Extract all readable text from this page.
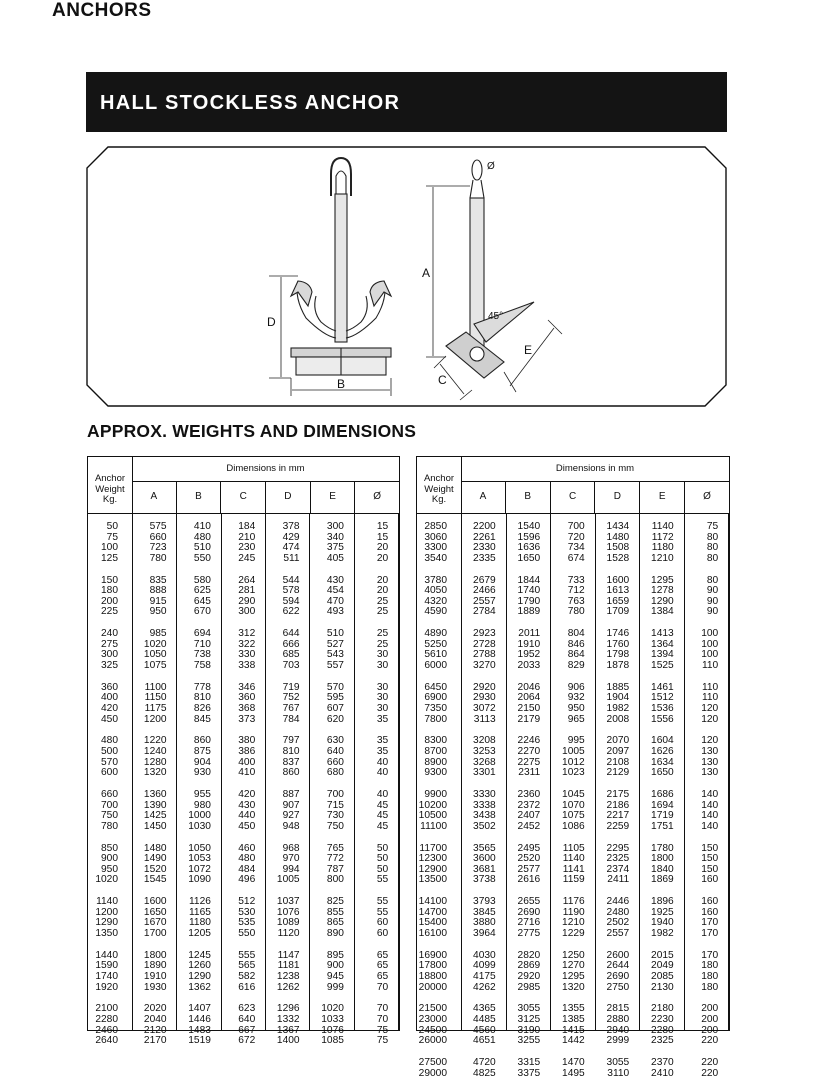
ANCHORS
HALL STOCKLESS ANCHOR
D
B
A
Ø
45°
E
C
APPROX. WEIGHTS AND DIMENSIONS
Anchor
Weight
Kg.
Dimensions in mm
A	B	C	D	E	Ø
50	575	410	184	378	300	15
75	660	480	210	429	340	15
100	723	510	230	474	375	20
125	780	550	245	511	405	20
150	835	580	264	544	430	20
180	888	625	281	578	454	20
200	915	645	290	594	470	25
225	950	670	300	622	493	25
240	985	694	312	644	510	25
275	1020	710	322	666	527	25
300	1050	738	330	685	543	30
325	1075	758	338	703	557	30
360	1100	778	346	719	570	30
400	1150	810	360	752	595	30
420	1175	826	368	767	607	30
450	1200	845	373	784	620	35
480	1220	860	380	797	630	35
500	1240	875	386	810	640	35
570	1280	904	400	837	660	40
600	1320	930	410	860	680	40
660	1360	955	420	887	700	40
700	1390	980	430	907	715	45
750	1425	1000	440	927	730	45
780	1450	1030	450	948	750	45
850	1480	1050	460	968	765	50
900	1490	1053	480	970	772	50
950	1520	1072	484	994	787	50
1020	1545	1090	496	1005	800	55
1140	1600	1126	512	1037	825	55
1200	1650	1165	530	1076	855	55
1290	1670	1180	535	1089	865	60
1350	1700	1205	550	1120	890	60
1440	1800	1245	555	1147	895	65
1590	1890	1260	565	1181	900	65
1740	1910	1290	582	1238	945	65
1920	1930	1362	616	1262	999	70
2100	2020	1407	623	1296	1020	70
2280	2040	1446	640	1332	1033	70
2460	2120	1483	667	1367	1076	75
2640	2170	1519	672	1400	1085	75
Anchor
Weight
Kg.
Dimensions in mm
A	B	C	D	E	Ø
2850	2200	1540	700	1434	1140	75
3060	2261	1596	720	1480	1172	80
3300	2330	1636	734	1508	1180	80
3540	2335	1650	674	1528	1210	80
3780	2679	1844	733	1600	1295	80
4050	2466	1740	712	1613	1278	90
4320	2557	1790	763	1659	1290	90
4590	2784	1889	780	1709	1384	90
4890	2923	2011	804	1746	1413	100
5250	2728	1910	846	1760	1364	100
5610	2788	1952	864	1798	1394	100
6000	3270	2033	829	1878	1525	110
6450	2920	2046	906	1885	1461	110
6900	2930	2064	932	1904	1512	110
7350	3072	2150	950	1982	1536	120
7800	3113	2179	965	2008	1556	120
8300	3208	2246	995	2070	1604	120
8700	3253	2270	1005	2097	1626	130
8900	3268	2275	1012	2108	1634	130
9300	3301	2311	1023	2129	1650	130
9900	3330	2360	1045	2175	1686	140
10200	3338	2372	1070	2186	1694	140
10500	3438	2407	1075	2217	1719	140
11100	3502	2452	1086	2259	1751	140
11700	3565	2495	1105	2295	1780	150
12300	3600	2520	1140	2325	1800	150
12900	3681	2577	1141	2374	1840	150
13500	3738	2616	1159	2411	1869	160
14100	3793	2655	1176	2446	1896	160
14700	3845	2690	1190	2480	1925	160
15400	3880	2716	1210	2502	1940	170
16100	3964	2775	1229	2557	1982	170
16900	4030	2820	1250	2600	2015	170
17800	4099	2869	1270	2644	2049	180
18800	4175	2920	1295	2690	2085	180
20000	4262	2985	1320	2750	2130	180
21500	4365	3055	1355	2815	2180	200
23000	4485	3125	1385	2880	2230	200
24500	4560	3190	1415	2940	2280	200
26000	4651	3255	1442	2999	2325	220
27500	4720	3315	1470	3055	2370	220
29000	4825	3375	1495	3110	2410	220
